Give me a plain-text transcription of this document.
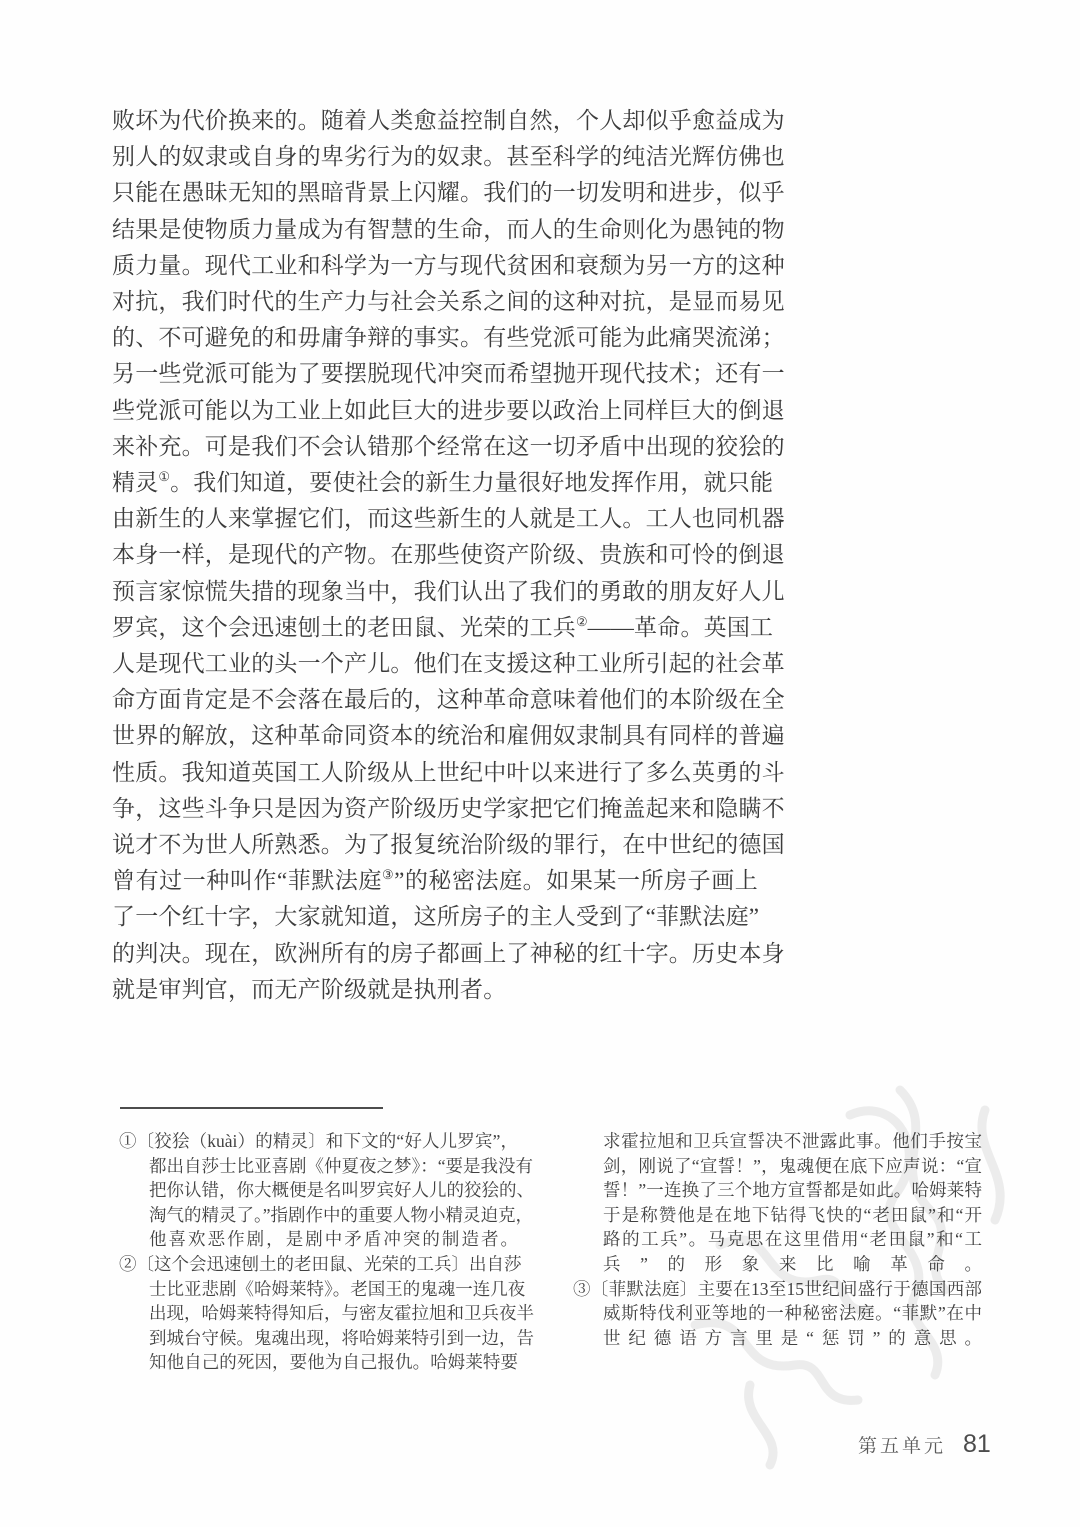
败坏为代价换来的。随着人类愈益控制自然，个人却似乎愈益成为
别人的奴隶或自身的卑劣行为的奴隶。甚至科学的纯洁光辉仿佛也
只能在愚昧无知的黑暗背景上闪耀。我们的一切发明和进步，似乎
结果是使物质力量成为有智慧的生命，而人的生命则化为愚钝的物
质力量。现代工业和科学为一方与现代贫困和衰颓为另一方的这种
对抗，我们时代的生产力与社会关系之间的这种对抗，是显而易见
的、不可避免的和毋庸争辩的事实。有些党派可能为此痛哭流涕；
另一些党派可能为了要摆脱现代冲突而希望抛开现代技术；还有一
些党派可能以为工业上如此巨大的进步要以政治上同样巨大的倒退
来补充。可是我们不会认错那个经常在这一切矛盾中出现的狡狯的
精灵①。我们知道，要使社会的新生力量很好地发挥作用，就只能
由新生的人来掌握它们，而这些新生的人就是工人。工人也同机器
本身一样，是现代的产物。在那些使资产阶级、贵族和可怜的倒退
预言家惊慌失措的现象当中，我们认出了我们的勇敢的朋友好人儿
罗宾，这个会迅速刨土的老田鼠、光荣的工兵②——革命。英国工
人是现代工业的头一个产儿。他们在支援这种工业所引起的社会革
命方面肯定是不会落在最后的，这种革命意味着他们的本阶级在全
世界的解放，这种革命同资本的统治和雇佣奴隶制具有同样的普遍
性质。我知道英国工人阶级从上世纪中叶以来进行了多么英勇的斗
争，这些斗争只是因为资产阶级历史学家把它们掩盖起来和隐瞒不
说才不为世人所熟悉。为了报复统治阶级的罪行，在中世纪的德国
曾有过一种叫作“菲默法庭③”的秘密法庭。如果某一所房子画上
了一个红十字，大家就知道，这所房子的主人受到了“菲默法庭”
的判决。现在，欧洲所有的房子都画上了神秘的红十字。历史本身
就是审判官，而无产阶级就是执刑者。
①〔狡狯（kuài）的精灵〕和下文的“好人儿罗宾”，
都出自莎士比亚喜剧《仲夏夜之梦》：“要是我没有
把你认错，你大概便是名叫罗宾好人儿的狡狯的、
淘气的精灵了。”指剧作中的重要人物小精灵迫克，
他喜欢恶作剧，是剧中矛盾冲突的制造者。
②〔这个会迅速刨土的老田鼠、光荣的工兵〕出自莎
士比亚悲剧《哈姆莱特》。老国王的鬼魂一连几夜
出现，哈姆莱特得知后，与密友霍拉旭和卫兵夜半
到城台守候。鬼魂出现，将哈姆莱特引到一边，告
知他自己的死因，要他为自己报仇。哈姆莱特要
求霍拉旭和卫兵宣誓决不泄露此事。他们手按宝
剑，刚说了“宣誓！”，鬼魂便在底下应声说：“宣
誓！”一连换了三个地方宣誓都是如此。哈姆莱特
于是称赞他是在地下钻得飞快的“老田鼠”和“开
路的工兵”。马克思在这里借用“老田鼠”和“工
兵”的形象来比喻革命。
③〔菲默法庭〕主要在13至15世纪间盛行于德国西部
威斯特伐利亚等地的一种秘密法庭。“菲默”在中
世纪德语方言里是“惩罚”的意思。
第五单元 81
